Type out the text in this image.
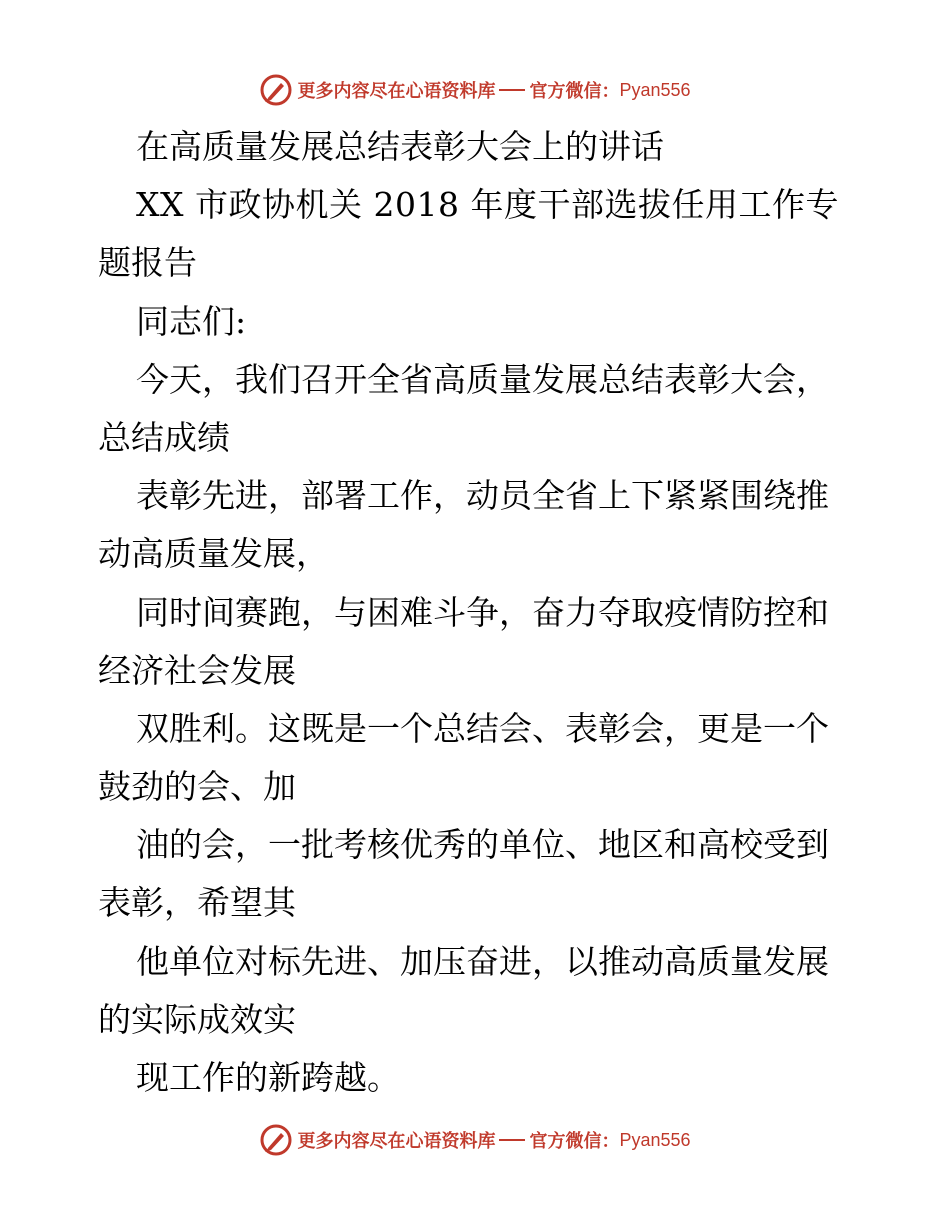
更多内容尽在心语资料库 官方微信： Pyan556
在高质量发展总结表彰大会上的讲话
XX 市政协机关 2018 年度干部选拔任用工作专
题报告
同志们:
今天，我们召开全省高质量发展总结表彰大会，
总结成绩
表彰先进，部署工作，动员全省上下紧紧围绕推
动高质量发展，
同时间赛跑，与困难斗争，奋力夺取疫情防控和
经济社会发展
双胜利。这既是一个总结会、表彰会，更是一个
鼓劲的会、加
油的会，一批考核优秀的单位、地区和高校受到
表彰，希望其
他单位对标先进、加压奋进，以推动高质量发展
的实际成效实
现工作的新跨越。
更多内容尽在心语资料库 官方微信： Pyan556
